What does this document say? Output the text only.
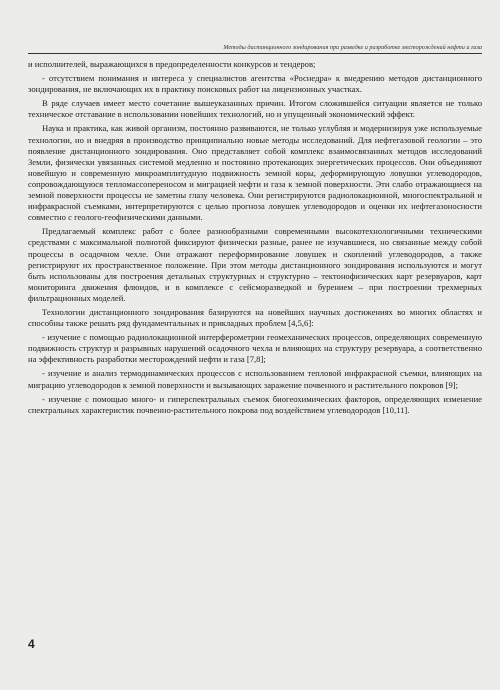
Методы дистанционного зондирования при разведке и разработке месторождений нефти и газа

и исполнителей, выражающихся в предопределенности конкурсов и тендеров;

- отсутствием понимания и интереса у специалистов агентства «Роснедра» к внедрению методов дистанционного зондирования, не включающих их в практику поисковых работ на лицензионных участках.

В ряде случаев имеет место сочетание вышеуказанных причин. Итогом сложившейся ситуации является не только техническое отставание в использовании новейших технологий, но и упущенный экономический эффект.

Наука и практика, как живой организм, постоянно развиваются, не только углубляя и модернизируя уже используемые технологии, но и внедряя в производство принципиально новые методы исследований. Для нефтегазовой геологии – это появление дистанционного зондирования. Оно представляет собой комплекс взаимосвязанных методов исследований Земли, физически увязанных системой медленно и постоянно протекающих энергетических процессов. Они объединяют новейшую и современную микроамплитудную подвижность земной коры, деформирующую ловушки углеводородов, сопровождающуюся тепломассопереносом и миграцией нефти и газа к земной поверхности. Эти слабо отражающиеся на земной поверхности процессы не заметны глазу человека. Они регистрируются радиолокационной, многоспектральной и инфракрасной съемками, интерпретируются с целью прогноза ловушек углеводородов и оценки их нефтегазоносности совместно с геолого-геофизическими данными.

Предлагаемый комплекс работ с более разнообразными современными высокотехнологичными техническими средствами с максимальной полнотой фиксируют физически разные, ранее не изучавшиеся, но связанные между собой процессы в осадочном чехле. Они отражают переформирование ловушек и скоплений углеводородов, а также регистрируют их пространственное положение. При этом методы дистанционного зондирования используются и могут быть использованы для построения детальных структурных и структурно – тектонофизических карт резервуаров, карт мониторинга движения флюидов, и в комплексе с сейсморазведкой и бурением – при построении трехмерных фильтрационных моделей.

Технологии дистанционного зондирования базируются на новейших научных достижениях во многих областях и способны также решать ряд фундаментальных и прикладных проблем [4,5,6]:

- изучение с помощью радиолокационной интерферометрии геомеханических процессов, определяющих современную подвижность структур и разрывных нарушений осадочного чехла и влияющих на структуру резервуара, а соответственно на эффективность разработки месторождений нефти и газа [7,8];

- изучение и анализ термодинамических процессов с использованием тепловой инфракрасной съемки, влияющих на миграцию углеводородов к земной поверхности и вызывающих заражение почвенного и растительного покровов [9];

- изучение с помощью много- и гиперспектральных съемок биогеохимических факторов, определяющих изменение спектральных характеристик почвенно-растительного покрова под воздействием углеводородов [10,11].

4
